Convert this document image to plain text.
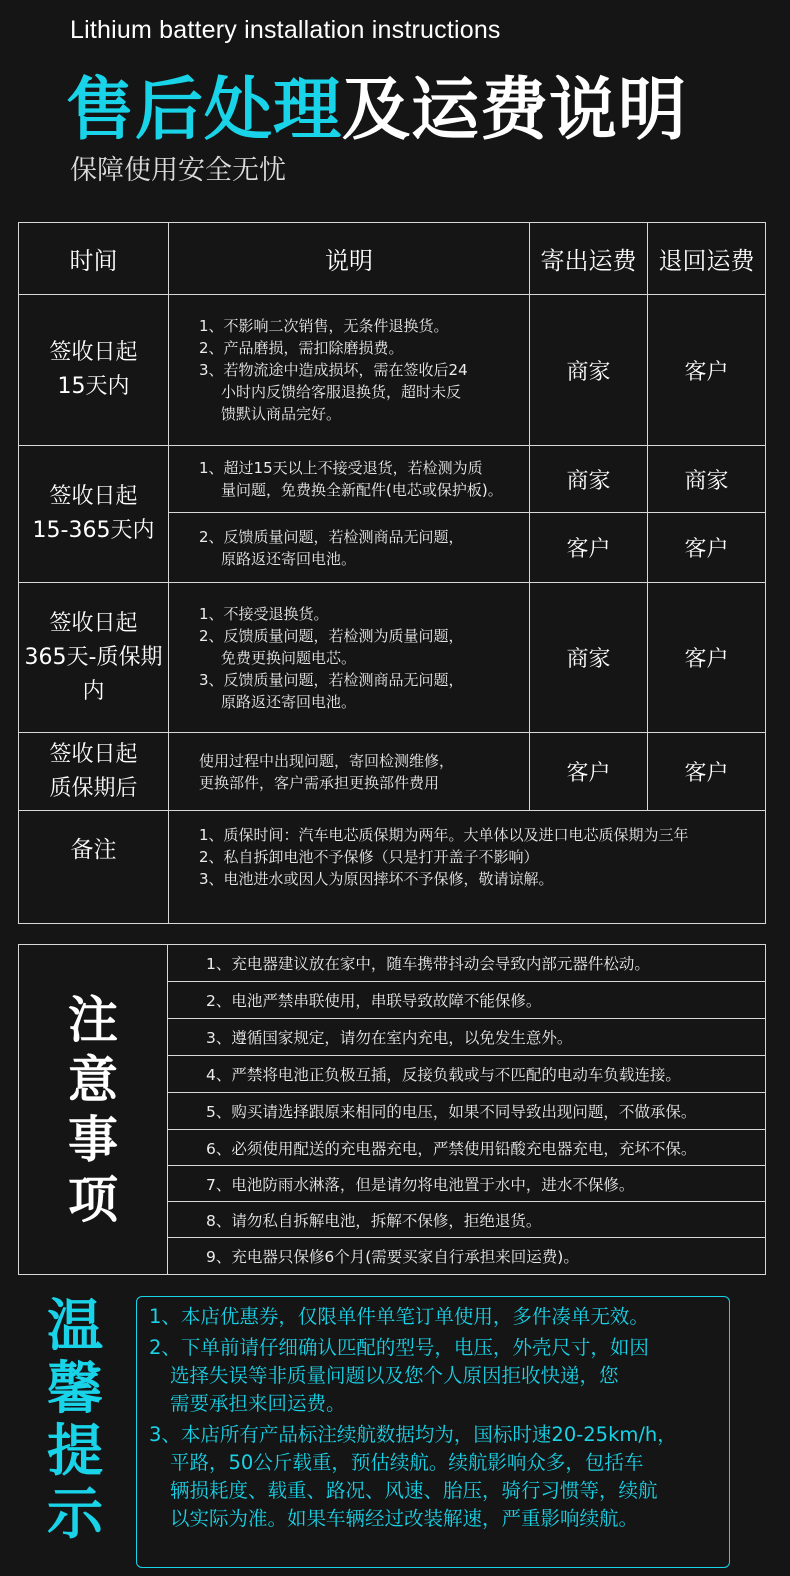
Lithium battery installation instructions
售后处理及运费说明
保障使用安全无忧
时间	说明	寄出运费 退回运费
签收日起
15天内
1、不影响二次销售，无条件退换货。
2、产品磨损，需扣除磨损费。
3、若物流途中造成损坏，需在签收后24
小时内反馈给客服退换货，超时未反
馈默认商品完好。
商家	客户
签收日起
15-365天内
1、超过15天以上不接受退货，若检测为质
量问题，免费换全新配件(电芯或保护板)。	商家	商家
2、反馈质量问题，若检测商品无问题，
原路返还寄回电池。	客户	客户
签收日起
365天-质保期内
1、不接受退换货。
2、反馈质量问题，若检测为质量问题，
免费更换问题电芯。
3、反馈质量问题，若检测商品无问题，
原路返还寄回电池。
商家	客户
签收日起
质保期后
使用过程中出现问题，寄回检测维修，
更换部件，客户需承担更换部件费用	客户	客户
备注
1、质保时间：汽车电芯质保期为两年。大单体以及进口电芯质保期为三年
2、私自拆卸电池不予保修（只是打开盖子不影响）
3、电池进水或因人为原因摔坏不予保修，敬请谅解。
注
意
事
项
1、充电器建议放在家中，随车携带抖动会导致内部元器件松动。
2、电池严禁串联使用，串联导致故障不能保修。
3、遵循国家规定，请勿在室内充电，以免发生意外。
4、严禁将电池正负极互插，反接负载或与不匹配的电动车负载连接。
5、购买请选择跟原来相同的电压，如果不同导致出现问题，不做承保。
6、必须使用配送的充电器充电，严禁使用铅酸充电器充电，充坏不保。
7、电池防雨水淋落，但是请勿将电池置于水中，进水不保修。
8、请勿私自拆解电池，拆解不保修，拒绝退货。
9、充电器只保修6个月(需要买家自行承担来回运费)。
温
馨
提
示

1、本店优惠券，仅限单件单笔订单使用，多件凑单无效。

2、下单前请仔细确认匹配的型号，电压，外壳尺寸，如因
选择失误等非质量问题以及您个人原因拒收快递，您
需要承担来回运费。

3、本店所有产品标注续航数据均为，国标时速20-25km/h，
平路，50公斤载重，预估续航。续航影响众多，包括车
辆损耗度、载重、路况、风速、胎压，骑行习惯等，续航
以实际为准。如果车辆经过改装解速，严重影响续航。
